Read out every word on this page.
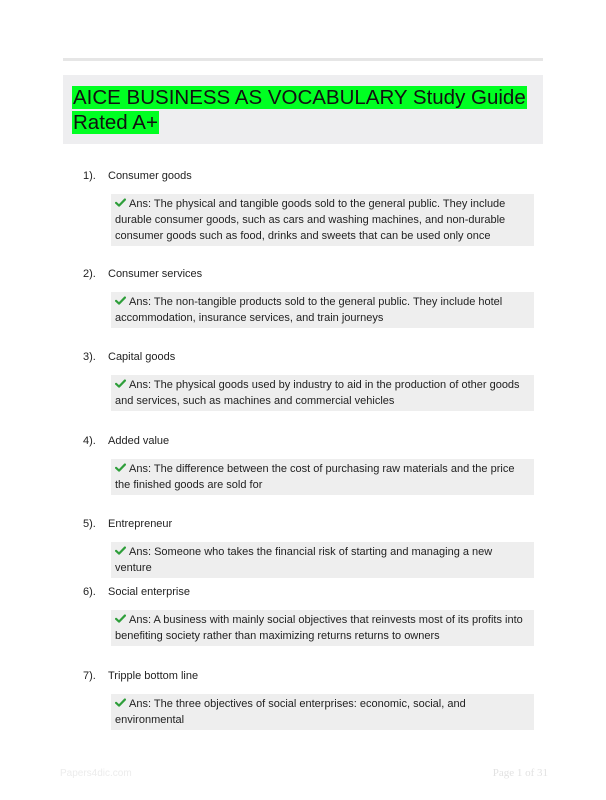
AICE BUSINESS AS VOCABULARY Study Guide Rated A+
1). Consumer goods
Ans: The physical and tangible goods sold to the general public. They include durable consumer goods, such as cars and washing machines, and non-durable consumer goods such as food, drinks and sweets that can be used only once
2). Consumer services
Ans: The non-tangible products sold to the general public. They include hotel accommodation, insurance services, and train journeys
3). Capital goods
Ans: The physical goods used by industry to aid in the production of other goods and services, such as machines and commercial vehicles
4). Added value
Ans: The difference between the cost of purchasing raw materials and the price the finished goods are sold for
5). Entrepreneur
Ans: Someone who takes the financial risk of starting and managing a new venture
6). Social enterprise
Ans: A business with mainly social objectives that reinvests most of its profits into benefiting society rather than maximizing returns returns to owners
7). Tripple bottom line
Ans: The three objectives of social enterprises: economic, social, and environmental
Papers4dic.com	Page 1 of 31
